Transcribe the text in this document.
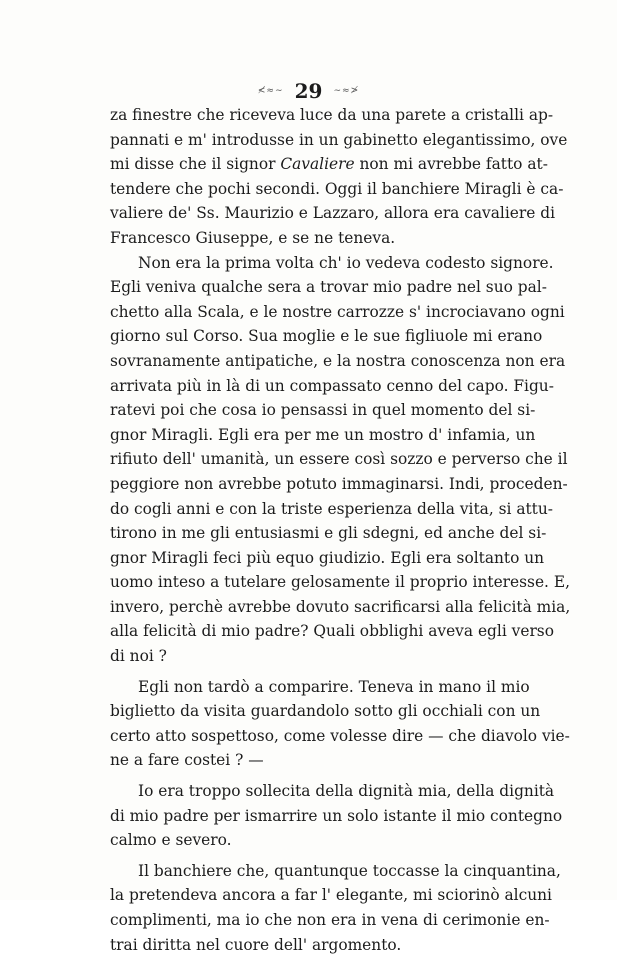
≮≈∼ 29 ∼≈≯
za finestre che riceveva luce da una parete a cristalli ap-
pannati e m' introdusse in un gabinetto elegantissimo, ove
mi disse che il signor Cavaliere non mi avrebbe fatto at-
tendere che pochi secondi. Oggi il banchiere Miragli è ca-
valiere de' Ss. Maurizio e Lazzaro, allora era cavaliere di
Francesco Giuseppe, e se ne teneva.
Non era la prima volta ch' io vedeva codesto signore.
Egli veniva qualche sera a trovar mio padre nel suo pal-
chetto alla Scala, e le nostre carrozze s' incrociavano ogni
giorno sul Corso. Sua moglie e le sue figliuole mi erano
sovranamente antipatiche, e la nostra conoscenza non era
arrivata più in là di un compassato cenno del capo. Figu-
ratevi poi che cosa io pensassi in quel momento del si-
gnor Miragli. Egli era per me un mostro d' infamia, un
rifiuto dell' umanità, un essere così sozzo e perverso che il
peggiore non avrebbe potuto immaginarsi. Indi, proceden-
do cogli anni e con la triste esperienza della vita, si attu-
tirono in me gli entusiasmi e gli sdegni, ed anche del si-
gnor Miragli feci più equo giudizio. Egli era soltanto un
uomo inteso a tutelare gelosamente il proprio interesse. E,
invero, perchè avrebbe dovuto sacrificarsi alla felicità mia,
alla felicità di mio padre? Quali obblighi aveva egli verso
di noi ?
Egli non tardò a comparire. Teneva in mano il mio
biglietto da visita guardandolo sotto gli occhiali con un
certo atto sospettoso, come volesse dire — che diavolo vie-
ne a fare costei ? —
Io era troppo sollecita della dignità mia, della dignità
di mio padre per ismarrire un solo istante il mio contegno
calmo e severo.
Il banchiere che, quantunque toccasse la cinquantina,
la pretendeva ancora a far l' elegante, mi sciorinò alcuni
complimenti, ma io che non era in vena di cerimonie en-
trai diritta nel cuore dell' argomento.
